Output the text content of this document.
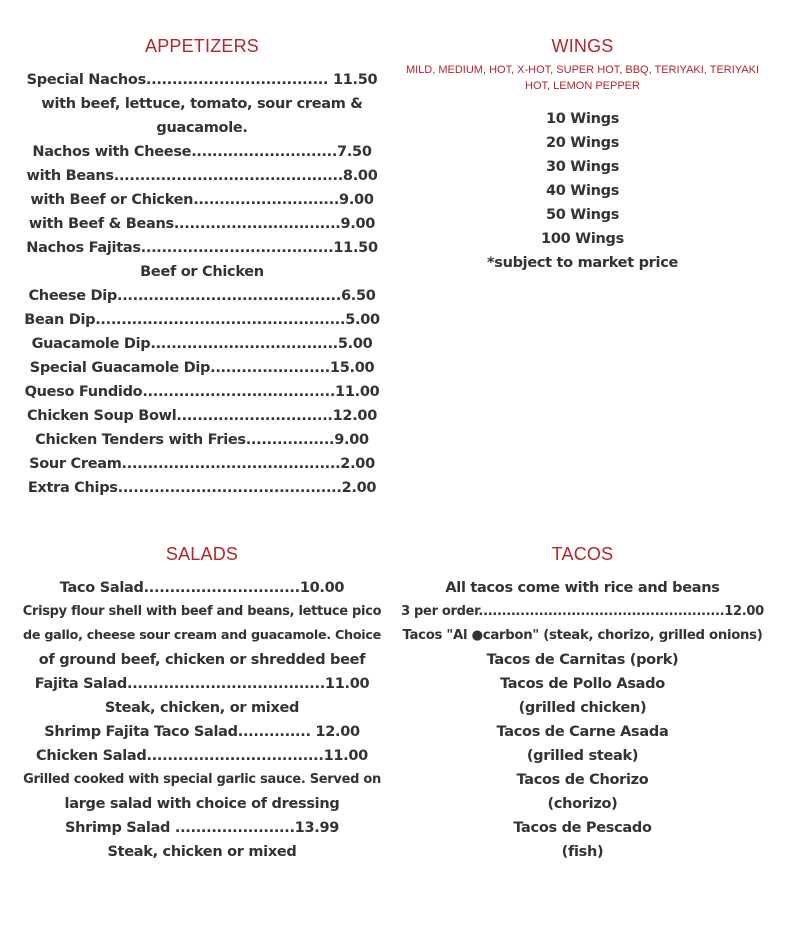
APPETIZERS
Special Nachos................................... 11.50
with beef, lettuce, tomato, sour cream &
guacamole.
Nachos with Cheese............................7.50
with Beans............................................8.00
with Beef or Chicken............................9.00
with Beef & Beans................................9.00
Nachos Fajitas.....................................11.50
Beef or Chicken
Cheese Dip...........................................6.50
Bean Dip................................................5.00
Guacamole Dip....................................5.00
Special Guacamole Dip.......................15.00
Queso Fundido.....................................11.00
Chicken Soup Bowl..............................12.00
Chicken Tenders with Fries.................9.00
Sour Cream..........................................2.00
Extra Chips...........................................2.00
WINGS
MILD, MEDIUM, HOT, X-HOT, SUPER HOT, BBQ, TERIYAKI, TERIYAKI HOT, LEMON PEPPER
10 Wings
20 Wings
30 Wings
40 Wings
50 Wings
100 Wings
*subject to market price
SALADS
Taco Salad..............................10.00
Crispy flour shell with beef and beans, lettuce pico
de gallo, cheese sour cream and guacamole. Choice
of ground beef, chicken or shredded beef
Fajita Salad......................................11.00
Steak, chicken, or mixed
Shrimp Fajita Taco Salad.............. 12.00
Chicken Salad..................................11.00
Grilled cooked with special garlic sauce. Served on
large salad with choice of dressing
Shrimp Salad .......................13.99
Steak, chicken or mixed
TACOS
All tacos come with rice and beans
3 per order.....................................................12.00
Tacos "Al ●carbon" (steak, chorizo, grilled onions)
Tacos de Carnitas (pork)
Tacos de Pollo Asado
(grilled chicken)
Tacos de Carne Asada
(grilled steak)
Tacos de Chorizo
(chorizo)
Tacos de Pescado
(fish)
